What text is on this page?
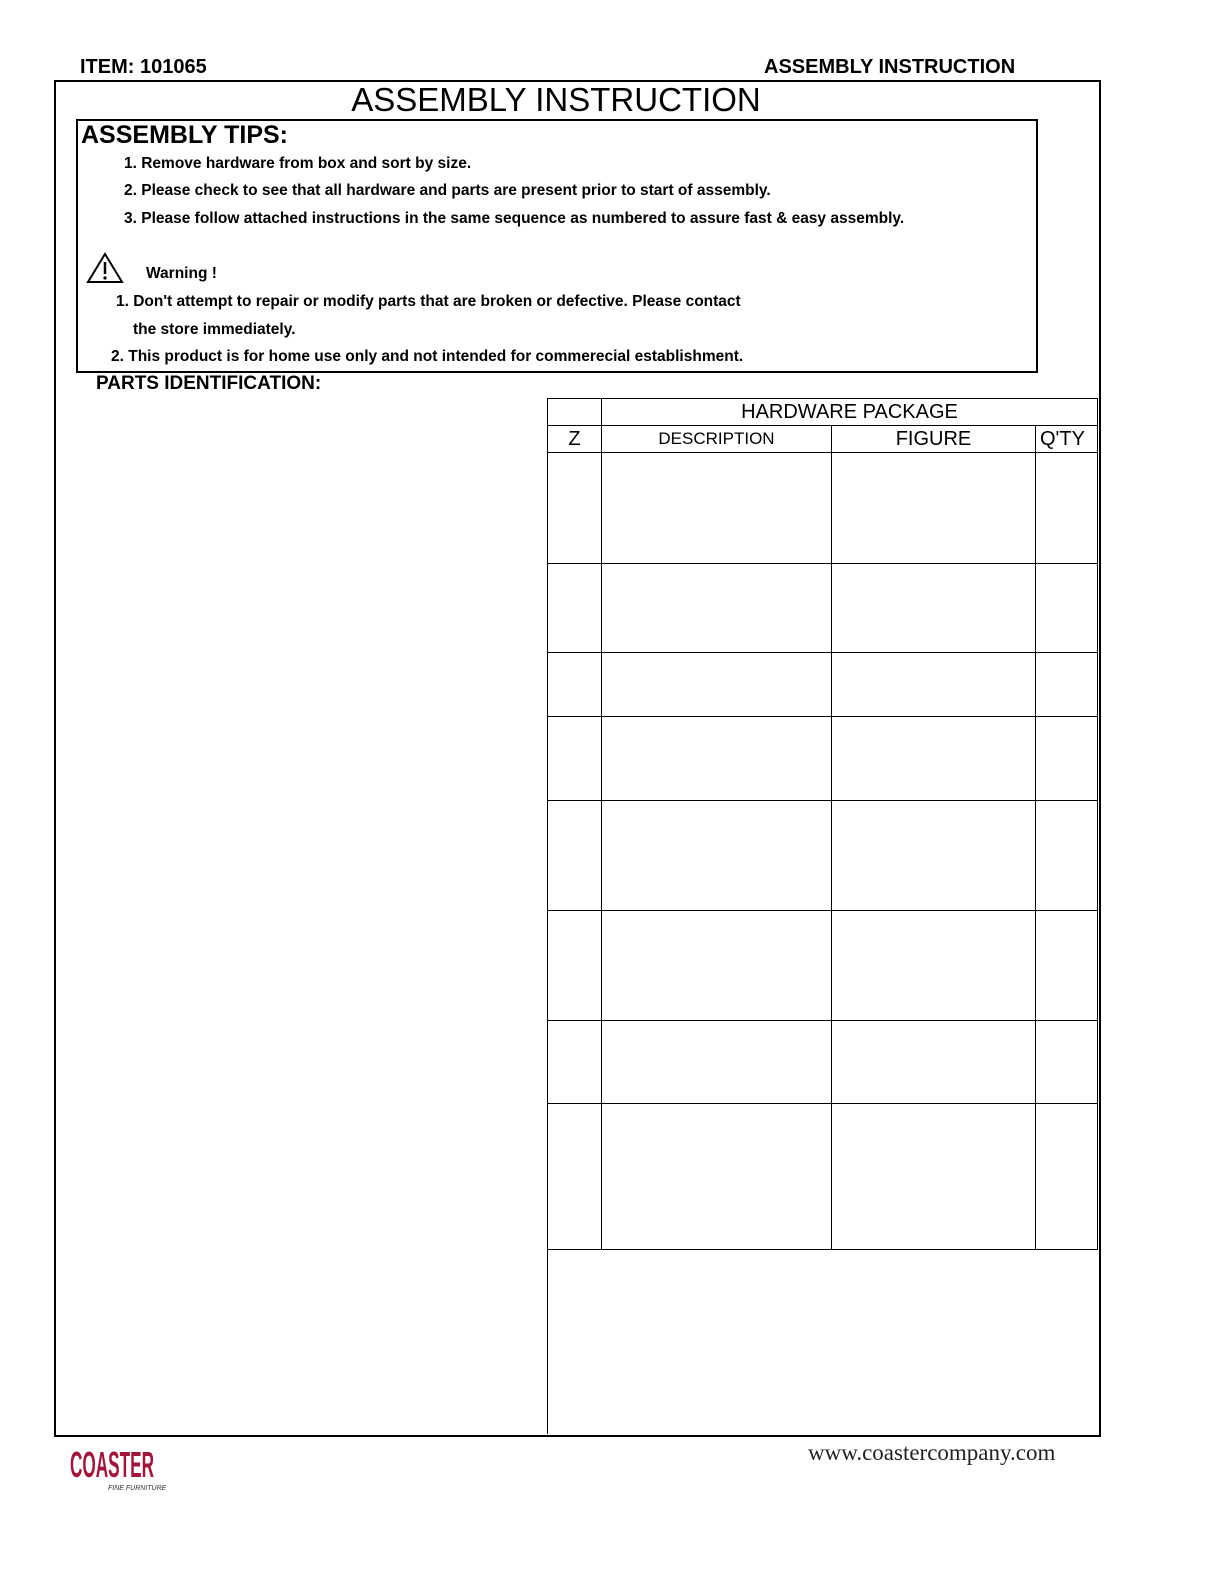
ITEM: 101065	ASSEMBLY INSTRUCTION
ASSEMBLY INSTRUCTION
ASSEMBLY TIPS:
1. Remove hardware from box and sort by size.
2. Please check to see that all hardware and parts are present prior to start of assembly.
3. Please follow attached instructions in the same sequence as numbered to assure fast & easy assembly.
Warning !
1. Don't attempt to repair or modify parts that are broken or defective. Please contact
the store immediately.
2. This product is for home use only and not intended for commerecial establishment.
PARTS IDENTIFICATION:
	HARDWARE PACKAGE		
Z	DESCRIPTION	FIGURE	Q'TY

COASTER
FINE FURNITURE
www.coastercompany.com
